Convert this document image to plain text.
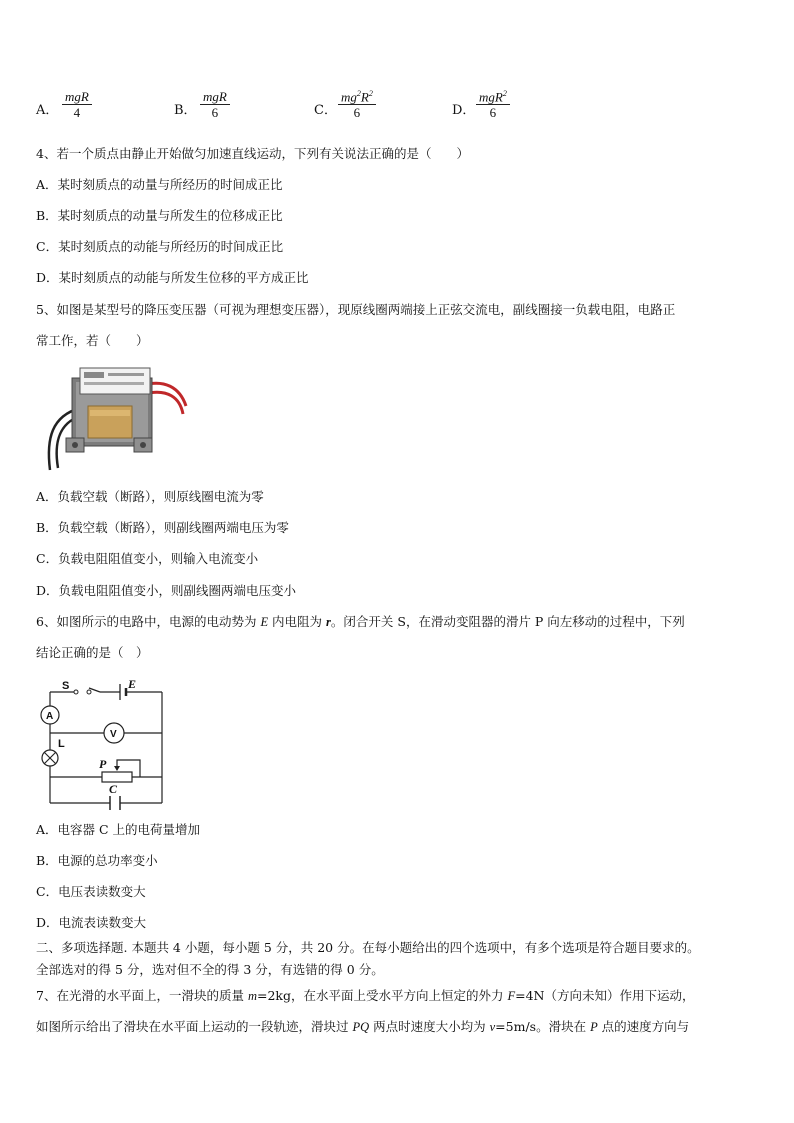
A．
mgR
4	B．
mgR
6	C． $\frac{mg^2R^2}{6}$	D．
mgR$^2$
6
4、若一个质点由静止开始做匀加速直线运动，下列有关说法正确的是（　　）
A．某时刻质点的动量与所经历的时间成正比
B．某时刻质点的动量与所发生的位移成正比
C．某时刻质点的动能与所经历的时间成正比
D．某时刻质点的动能与所发生位移的平方成正比
5、如图是某型号的降压变压器（可视为理想变压器），现原线圈两端接上正弦交流电，副线圈接一负载电阻，电路正
常工作，若（　　）
A．负载空载（断路），则原线圈电流为零
B．负载空载（断路），则副线圈两端电压为零
C．负载电阻阻值变小，则输入电流变小
D．负载电阻阻值变小，则副线圈两端电压变小
6、如图所示的电路中，电源的电动势为 E 内电阻为 r。闭合开关 S，在滑动变阻器的滑片 P 向左移动的过程中，下列
结论正确的是（　）
S	E
A
V
L
P
C
A．电容器 C 上的电荷量增加
B．电源的总功率变小
C．电压表读数变大
D．电流表读数变大
二、多项选择题. 本题共 4 小题，每小题 5 分，共 20 分。在每小题给出的四个选项中，有多个选项是符合题目要求的。
全部选对的得 5 分，选对但不全的得 3 分，有选错的得 0 分。
7、在光滑的水平面上，一滑块的质量 m=2kg，在水平面上受水平方向上恒定的外力 F=4N（方向未知）作用下运动，
如图所示给出了滑块在水平面上运动的一段轨迹，滑块过 PQ 两点时速度大小均为 v=5m/s。滑块在 P 点的速度方向与
